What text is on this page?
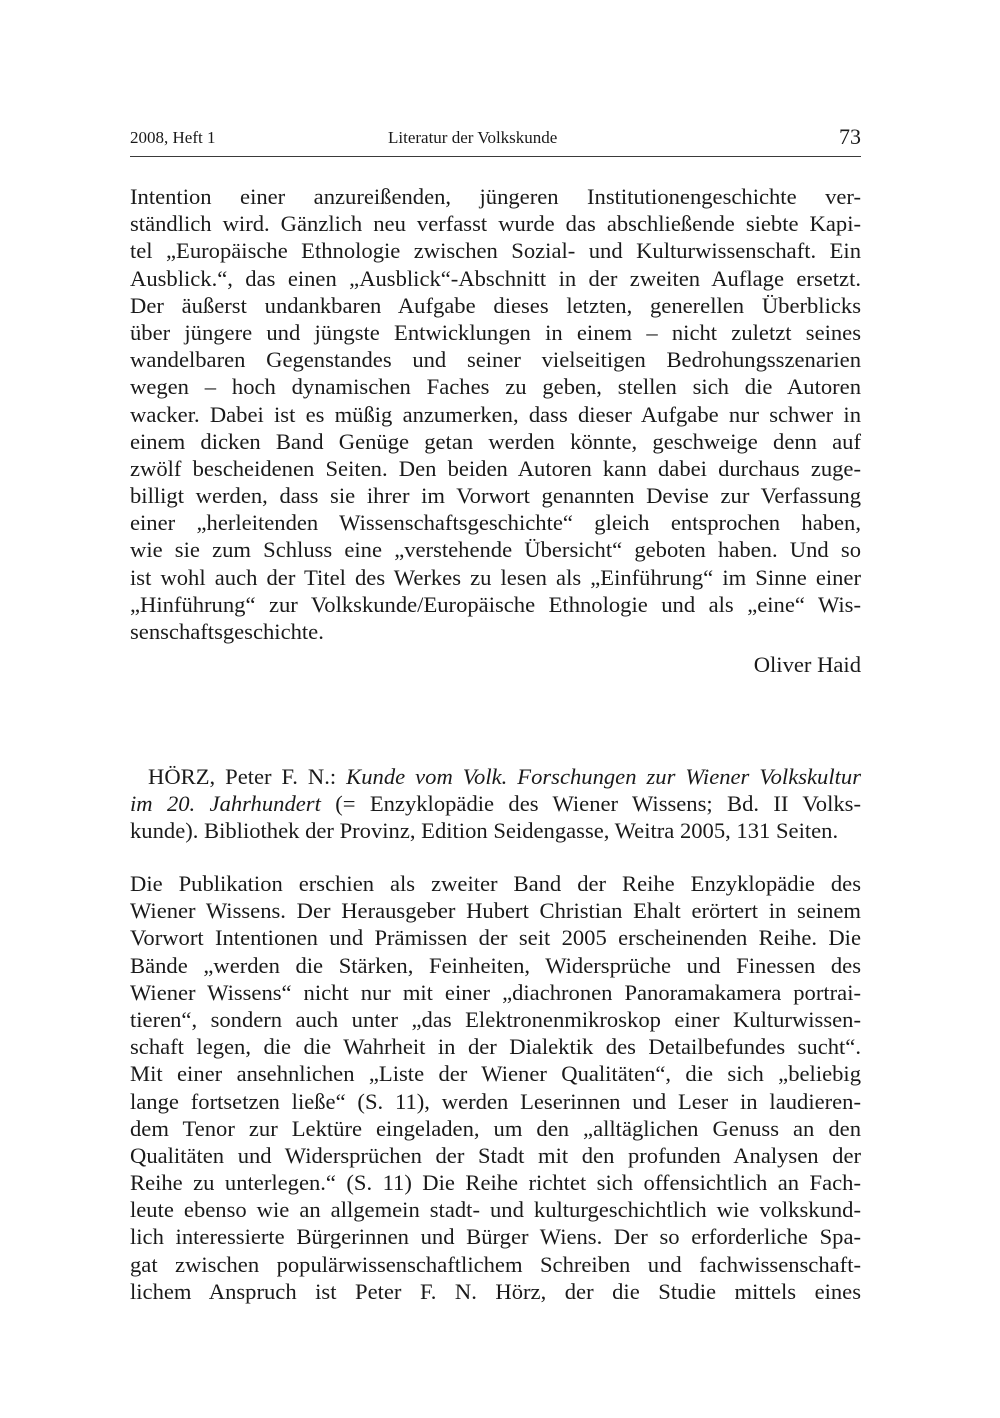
2008, Heft 1	Literatur der Volkskunde	73
Intention einer anzureißenden, jüngeren Institutionengeschichte ver-
ständlich wird. Gänzlich neu verfasst wurde das abschließende siebte Kapi-
tel „Europäische Ethnologie zwischen Sozial- und Kulturwissenschaft. Ein
Ausblick.“, das einen „Ausblick“-Abschnitt in der zweiten Auflage ersetzt.
Der äußerst undankbaren Aufgabe dieses letzten, generellen Überblicks
über jüngere und jüngste Entwicklungen in einem – nicht zuletzt seines
wandelbaren Gegenstandes und seiner vielseitigen Bedrohungsszenarien
wegen – hoch dynamischen Faches zu geben, stellen sich die Autoren
wacker. Dabei ist es müßig anzumerken, dass dieser Aufgabe nur schwer in
einem dicken Band Genüge getan werden könnte, geschweige denn auf
zwölf bescheidenen Seiten. Den beiden Autoren kann dabei durchaus zuge-
billigt werden, dass sie ihrer im Vorwort genannten Devise zur Verfassung
einer „herleitenden Wissenschaftsgeschichte“ gleich entsprochen haben,
wie sie zum Schluss eine „verstehende Übersicht“ geboten haben. Und so
ist wohl auch der Titel des Werkes zu lesen als „Einführung“ im Sinne einer
„Hinführung“ zur Volkskunde/Europäische Ethnologie und als „eine“ Wis-
senschaftsgeschichte.
Oliver Haid
HÖRZ, Peter F. N.: Kunde vom Volk. Forschungen zur Wiener Volkskultur
im 20. Jahrhundert (= Enzyklopädie des Wiener Wissens; Bd. II Volks-
kunde). Bibliothek der Provinz, Edition Seidengasse, Weitra 2005, 131 Seiten.
Die Publikation erschien als zweiter Band der Reihe Enzyklopädie des
Wiener Wissens. Der Herausgeber Hubert Christian Ehalt erörtert in seinem
Vorwort Intentionen und Prämissen der seit 2005 erscheinenden Reihe. Die
Bände „werden die Stärken, Feinheiten, Widersprüche und Finessen des
Wiener Wissens“ nicht nur mit einer „diachronen Panoramakamera portrai-
tieren“, sondern auch unter „das Elektronenmikroskop einer Kulturwissen-
schaft legen, die die Wahrheit in der Dialektik des Detailbefundes sucht“.
Mit einer ansehnlichen „Liste der Wiener Qualitäten“, die sich „beliebig
lange fortsetzen ließe“ (S. 11), werden Leserinnen und Leser in laudieren-
dem Tenor zur Lektüre eingeladen, um den „alltäglichen Genuss an den
Qualitäten und Widersprüchen der Stadt mit den profunden Analysen der
Reihe zu unterlegen.“ (S. 11) Die Reihe richtet sich offensichtlich an Fach-
leute ebenso wie an allgemein stadt- und kulturgeschichtlich wie volkskund-
lich interessierte Bürgerinnen und Bürger Wiens. Der so erforderliche Spa-
gat zwischen populärwissenschaftlichem Schreiben und fachwissenschaft-
lichem Anspruch ist Peter F. N. Hörz, der die Studie mittels eines
